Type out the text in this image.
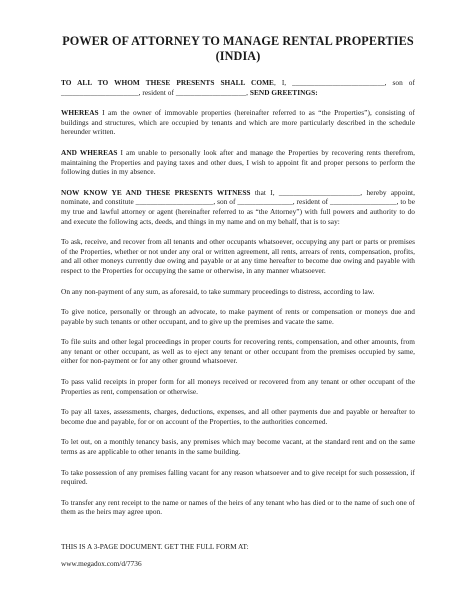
POWER OF ATTORNEY TO MANAGE RENTAL PROPERTIES
(INDIA)

TO ALL TO WHOM THESE PRESENTS SHALL COME, I, _________________________, son of _____________________, resident of ___________________, SEND GREETINGS:

WHEREAS I am the owner of immovable properties (hereinafter referred to as “the Properties”), consisting of buildings and structures, which are occupied by tenants and which are more particularly described in the schedule hereunder written.

AND WHEREAS I am unable to personally look after and manage the Properties by recovering rents therefrom, maintaining the Properties and paying taxes and other dues, I wish to appoint fit and proper persons to perform the following duties in my absence.

NOW KNOW YE AND THESE PRESENTS WITNESS that I, ______________________, hereby appoint, nominate, and constitute _____________________, son of _______________, resident of __________________, to be my true and lawful attorney or agent (hereinafter referred to as “the Attorney”) with full powers and authority to do and execute the following acts, deeds, and things in my name and on my behalf, that is to say:

To ask, receive, and recover from all tenants and other occupants whatsoever, occupying any part or parts or premises of the Properties, whether or not under any oral or written agreement, all rents, arrears of rents, compensation, profits, and all other moneys currently due owing and payable or at any time hereafter to become due owing and payable with respect to the Properties for occupying the same or otherwise, in any manner whatsoever.

On any non-payment of any sum, as aforesaid, to take summary proceedings to distress, according to law.

To give notice, personally or through an advocate, to make payment of rents or compensation or moneys due and payable by such tenants or other occupant, and to give up the premises and vacate the same.

To file suits and other legal proceedings in proper courts for recovering rents, compensation, and other amounts, from any tenant or other occupant, as well as to eject any tenant or other occupant from the premises occupied by same, either for non-payment or for any other ground whatsoever.

To pass valid receipts in proper form for all moneys received or recovered from any tenant or other occupant of the Properties as rent, compensation or otherwise.

To pay all taxes, assessments, charges, deductions, expenses, and all other payments due and payable or hereafter to become due and payable, for or on account of the Properties, to the authorities concerned.

To let out, on a monthly tenancy basis, any premises which may become vacant, at the standard rent and on the same terms as are applicable to other tenants in the same building.

To take possession of any premises falling vacant for any reason whatsoever and to give receipt for such possession, if required.

To transfer any rent receipt to the name or names of the heirs of any tenant who has died or to the name of such one of them as the heirs may agree upon.

THIS IS A 3-PAGE DOCUMENT. GET THE FULL FORM AT:

www.megadox.com/d/7736
